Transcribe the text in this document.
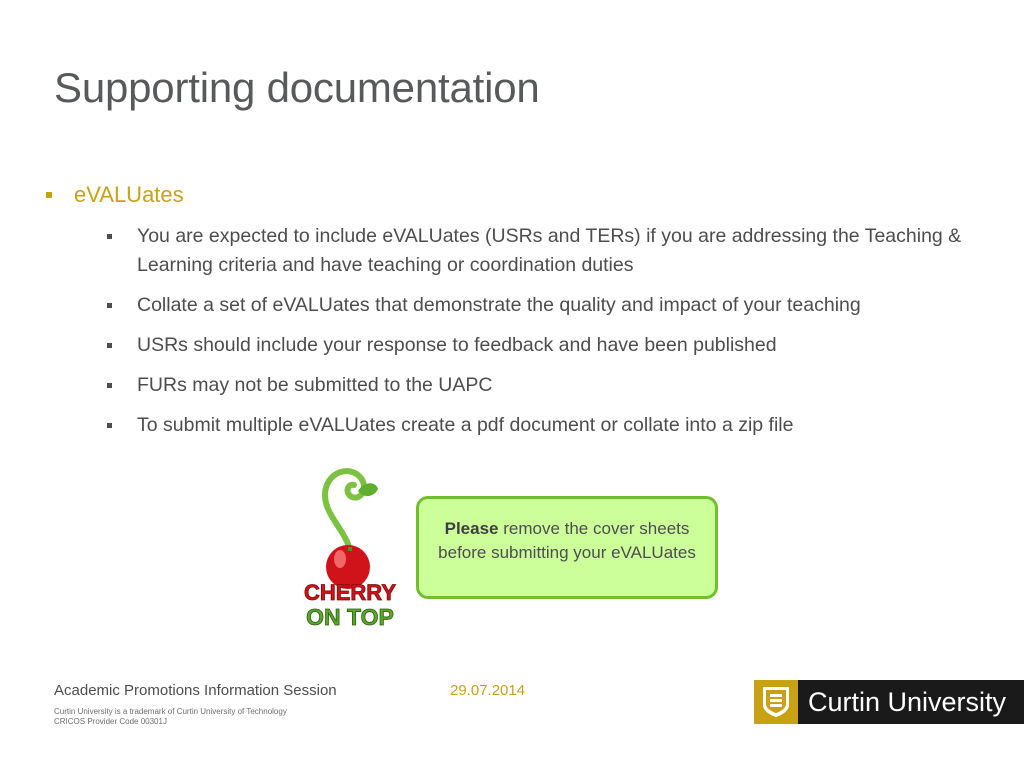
Supporting documentation
eVALUates
You are expected to include eVALUates (USRs and TERs) if you are addressing the Teaching & Learning criteria and have teaching or coordination duties
Collate a set of eVALUates that demonstrate the quality and impact of your teaching
USRs should include your response to feedback and have been published
FURs may not be submitted to the UAPC
To submit multiple eVALUates create a pdf document or collate into a zip file
CHERRY
ON TOP
Please remove the cover sheets before submitting your eVALUates
Academic Promotions Information Session	29.07.2014
Curtin University is a trademark of Curtin University of Technology
CRICOS Provider Code 00301J
Curtin University
